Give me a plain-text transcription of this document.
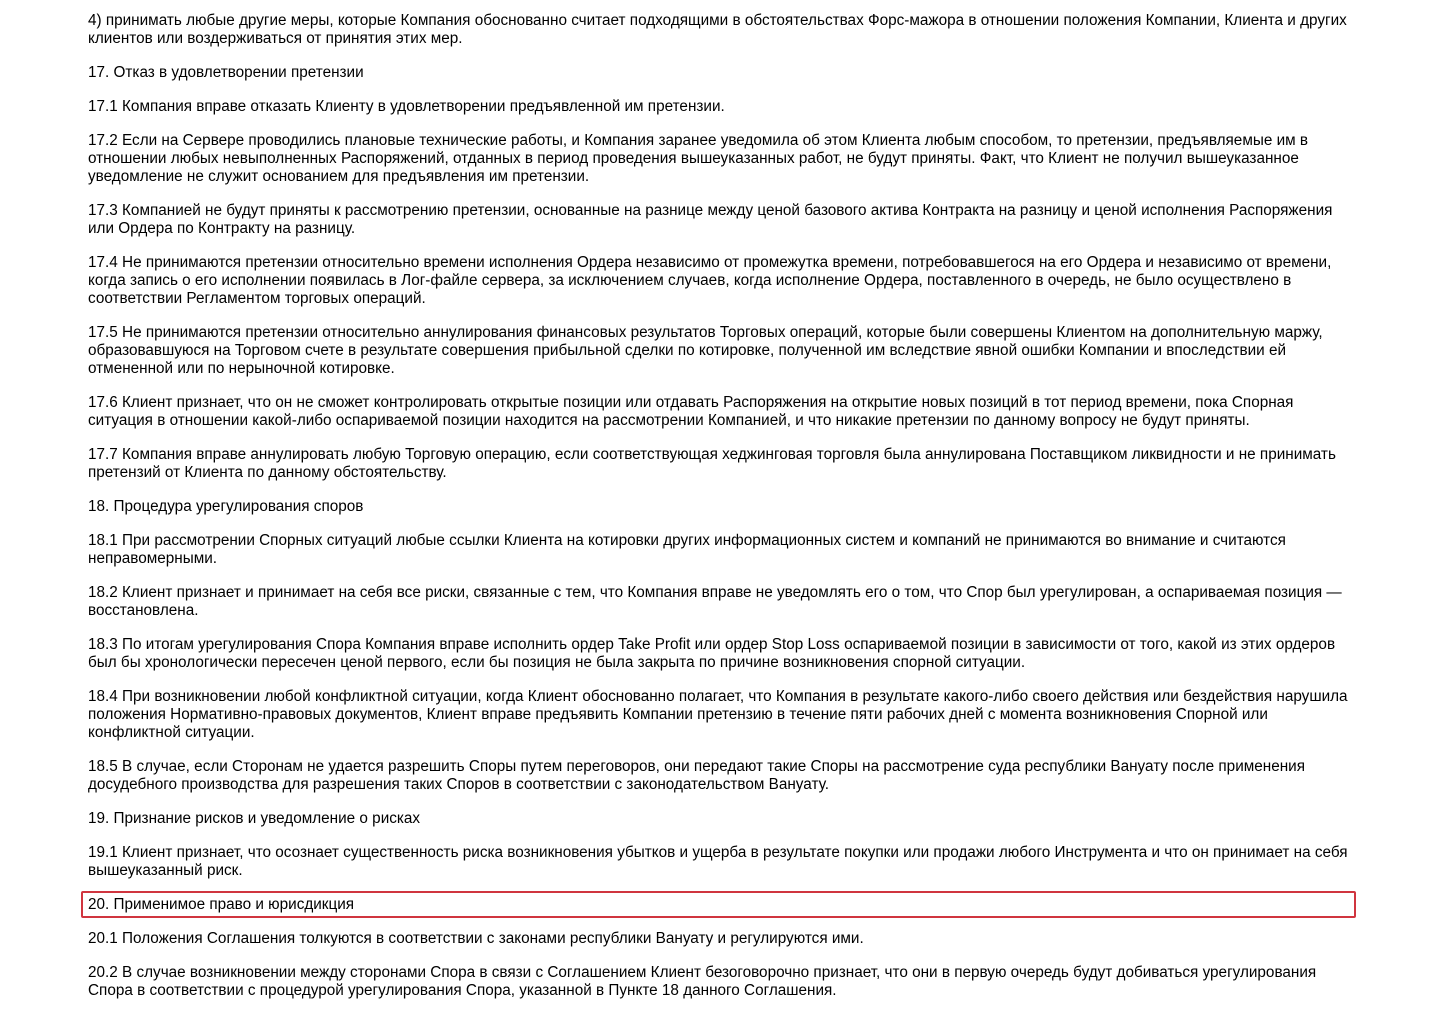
4) принимать любые другие меры, которые Компания обоснованно считает подходящими в обстоятельствах Форс-мажора в отношении положения Компании, Клиента и других клиентов или воздерживаться от принятия этих мер.

17. Отказ в удовлетворении претензии

17.1 Компания вправе отказать Клиенту в удовлетворении предъявленной им претензии.

17.2 Если на Сервере проводились плановые технические работы, и Компания заранее уведомила об этом Клиента любым способом, то претензии, предъявляемые им в отношении любых невыполненных Распоряжений, отданных в период проведения вышеуказанных работ, не будут приняты. Факт, что Клиент не получил вышеуказанное уведомление не служит основанием для предъявления им претензии.

17.3 Компанией не будут приняты к рассмотрению претензии, основанные на разнице между ценой базового актива Контракта на разницу и ценой исполнения Распоряжения или Ордера по Контракту на разницу.

17.4 Не принимаются претензии относительно времени исполнения Ордера независимо от промежутка времени, потребовавшегося на его Ордера и независимо от времени, когда запись о его исполнении появилась в Лог-файле сервера, за исключением случаев, когда исполнение Ордера, поставленного в очередь, не было осуществлено в соответствии Регламентом торговых операций.

17.5 Не принимаются претензии относительно аннулирования финансовых результатов Торговых операций, которые были совершены Клиентом на дополнительную маржу, образовавшуюся на Торговом счете в результате совершения прибыльной сделки по котировке, полученной им вследствие явной ошибки Компании и впоследствии ей отмененной или по нерыночной котировке.

17.6 Клиент признает, что он не сможет контролировать открытые позиции или отдавать Распоряжения на открытие новых позиций в тот период времени, пока Спорная ситуация в отношении какой-либо оспариваемой позиции находится на рассмотрении Компанией, и что никакие претензии по данному вопросу не будут приняты.

17.7 Компания вправе аннулировать любую Торговую операцию, если соответствующая хеджинговая торговля была аннулирована Поставщиком ликвидности и не принимать претензий от Клиента по данному обстоятельству.

18. Процедура урегулирования споров

18.1 При рассмотрении Спорных ситуаций любые ссылки Клиента на котировки других информационных систем и компаний не принимаются во внимание и считаются неправомерными.

18.2 Клиент признает и принимает на себя все риски, связанные с тем, что Компания вправе не уведомлять его о том, что Спор был урегулирован, а оспариваемая позиция — восстановлена.

18.3 По итогам урегулирования Спора Компания вправе исполнить ордер Take Profit или ордер Stop Loss оспариваемой позиции в зависимости от того, какой из этих ордеров был бы хронологически пересечен ценой первого, если бы позиция не была закрыта по причине возникновения спорной ситуации.

18.4 При возникновении любой конфликтной ситуации, когда Клиент обоснованно полагает, что Компания в результате какого-либо своего действия или бездействия нарушила положения Нормативно-правовых документов, Клиент вправе предъявить Компании претензию в течение пяти рабочих дней с момента возникновения Спорной или конфликтной ситуации.

18.5 В случае, если Сторонам не удается разрешить Споры путем переговоров, они передают такие Споры на рассмотрение суда республики Вануату после применения досудебного производства для разрешения таких Споров в соответствии с законодательством Вануату.

19. Признание рисков и уведомление о рисках

19.1 Клиент признает, что осознает существенность риска возникновения убытков и ущерба в результате покупки или продажи любого Инструмента и что он принимает на себя вышеуказанный риск.

20. Применимое право и юрисдикция

20.1 Положения Соглашения толкуются в соответствии с законами республики Вануату и регулируются ими.

20.2 В случае возникновении между сторонами Спора в связи с Соглашением Клиент безоговорочно признает, что они в первую очередь будут добиваться урегулирования Спора в соответствии с процедурой урегулирования Спора, указанной в Пункте 18 данного Соглашения.
